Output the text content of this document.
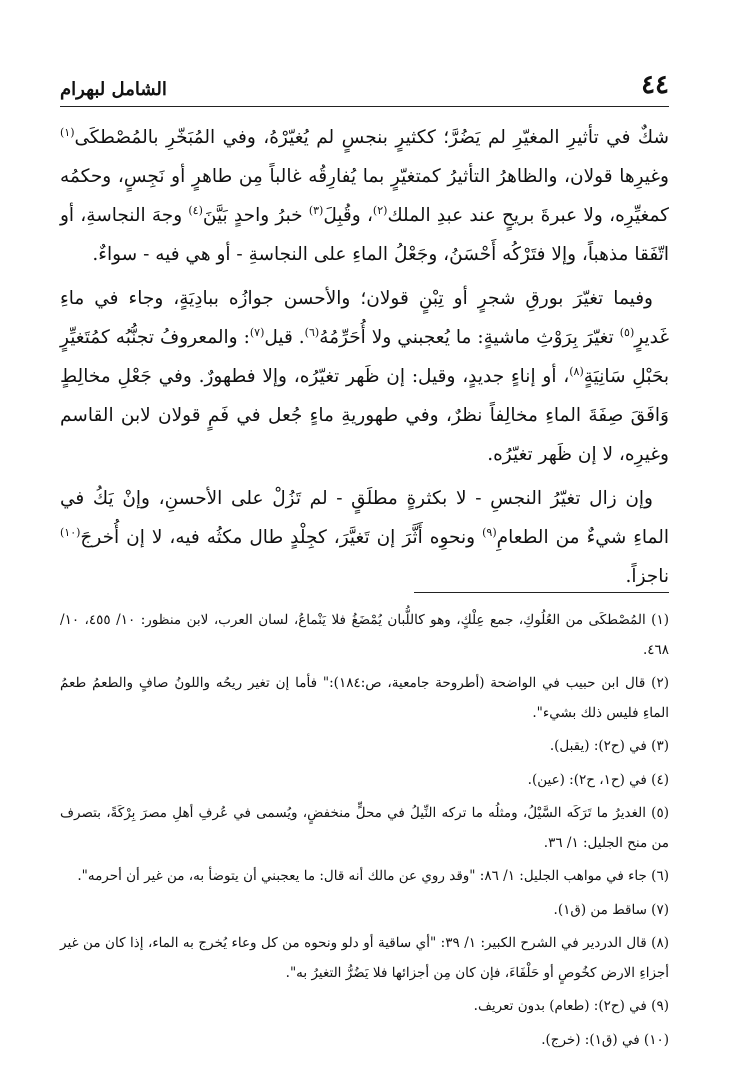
الشامل لبهرام	٤٤

شكٌ في تأثيرِ المغيّرِ لم يَضُرَّ؛ ككثيرٍ بنجسٍ لم يُغيّرْهُ، وفي المُبَخّرِ بالمُصْطكَى$^{(١)}$ وغيرِها قولان، والظاهرُ التأثيرُ كمتغيّرٍ بما يُفارِقُه غالباً مِن طاهرٍ أو نَجِسٍ، وحكمُه كمغيِّرِه، ولا عبرةَ بريحٍ عند عبدِ الملك$^{(٢)}$، وقُبِلَ$^{(٣)}$ خبرُ واحدٍ بَيَّنَ$^{(٤)}$ وجهَ النجاسةِ، أو اتّفَقا مذهباً، وإلا فتَرْكُه أَحْسَنُ، وجَعْلُ الماءِ على النجاسةِ - أو هي فيه - سواءٌ.

وفيما تغيّرَ بورقِ شجرٍ أو تِبْنٍ قولان؛ والأحسن جوازُه ببادِيَةٍ، وجاء في ماءِ غَديرٍ$^{(٥)}$ تغيّرَ بِرَوْثِ ماشيةٍ: ما يُعجبني ولا أُحَرِّمُهُ$^{(٦)}$. قيل$^{(٧)}$: والمعروفُ تجنُّبُه كمُتَغيِّرٍ بحَبْلِ سَانِيَةٍ$^{(٨)}$، أو إناءٍ جديدٍ، وقيل: إن ظَهر تغيّرُه، وإلا فطهورٌ. وفي جَعْلِ مخالِطٍ وَافَقَ صِفَةَ الماءِ مخالِفاً نظرٌ، وفي طهوريةِ ماءٍ جُعل في فَمٍ قولان لابن القاسم وغيرِه، لا إن ظَهر تغيّرُه.

وإن زال تغيّرُ النجسِ - لا بكثرةٍ مطلَقٍ - لم تَزُلْ على الأحسنِ، وإنْ يَكُ في الماءِ شيءٌ من الطعامِ$^{(٩)}$ ونحوِه أَثَّرَ إن تَغيَّرَ، كجِلْدٍ طال مكثُه فيه، لا إن أُخرجَ$^{(١٠)}$ ناجزاً.

(١) المُصْطكَى من العُلُوكِ، جمع عِلْكٍ، وهو كاللُّبان يُمْضَغُ فلا يَنْماعُ، لسان العرب، لابن منظور: ١٠/ ٤٥٥، ١٠/ ٤٦٨.

(٢) قال ابن حبيب في الواضحة (أطروحة جامعية، ص:١٨٤):" فأما إن تغير ريحُه واللونُ صافٍ والطعمُ طعمُ الماءِ فليس ذلك بشيء".

(٣) في (ح٢): (يقبل).

(٤) في (ح١، ح٢): (عين).

(٥) الغديرُ ما تَرَكَه السَّيْلُ، ومثلُه ما تركه النِّيلُ في محلٍّ منخفضٍ، ويُسمى في عُرفِ أهلِ مصرَ بِرْكَةً، بتصرف من منح الجليل: ١/ ٣٦.

(٦) جاء في مواهب الجليل: ١/ ٨٦: "وقد روي عن مالك أنه قال: ما يعجبني أن يتوضأ به، من غير أن أحرمه".

(٧) ساقط من (ق١).

(٨) قال الدردير في الشرح الكبير: ١/ ٣٩: "أي ساقية أو دلو ونحوه من كل وعاء يُخرج به الماء، إذا كان من غير أجزاءِ الارض كخُوصٍ أو حَلْفَاءَ، فإن كان مِن أجزائها فلا يَضُرُّ التغيرُ به".

(٩) في (ح٢): (طعام) بدون تعريف.

(١٠) في (ق١): (خرج).
